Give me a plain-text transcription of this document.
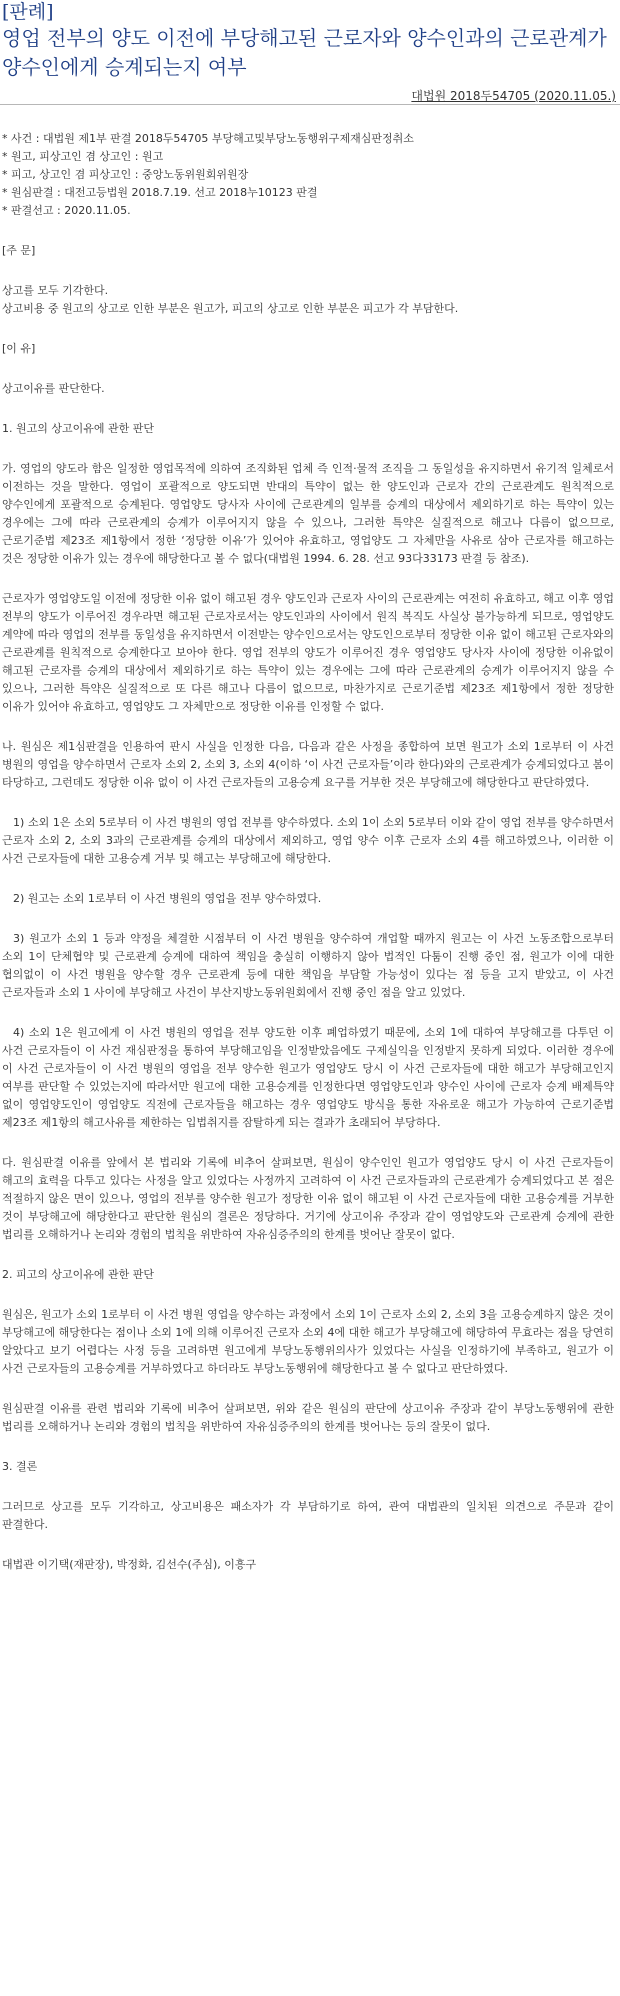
[판례]
영업 전부의 양도 이전에 부당해고된 근로자와 양수인과의 근로관계가 양수인에게 승계되는지 여부
대법원 2018두54705 (2020.11.05.)

* 사건 : 대법원 제1부 판결 2018두54705 부당해고및부당노동행위구제재심판정취소

* 원고, 피상고인 겸 상고인 : 원고

* 피고, 상고인 겸 피상고인 : 중앙노동위원회위원장

* 원심판결 : 대전고등법원 2018.7.19. 선고 2018누10123 판결

* 판결선고 : 2020.11.05.

[주 문]

상고를 모두 기각한다.

상고비용 중 원고의 상고로 인한 부분은 원고가, 피고의 상고로 인한 부분은 피고가 각 부담한다.

[이 유]

상고이유를 판단한다.

1. 원고의 상고이유에 관한 판단

가. 영업의 양도라 함은 일정한 영업목적에 의하여 조직화된 업체 즉 인적·물적 조직을 그 동일성을 유지하면서 유기적 일체로서 이전하는 것을 말한다. 영업이 포괄적으로 양도되면 반대의 특약이 없는 한 양도인과 근로자 간의 근로관계도 원칙적으로 양수인에게 포괄적으로 승계된다. 영업양도 당사자 사이에 근로관계의 일부를 승계의 대상에서 제외하기로 하는 특약이 있는 경우에는 그에 따라 근로관계의 승계가 이루어지지 않을 수 있으나, 그러한 특약은 실질적으로 해고나 다름이 없으므로, 근로기준법 제23조 제1항에서 정한 ‘정당한 이유’가 있어야 유효하고, 영업양도 그 자체만을 사유로 삼아 근로자를 해고하는 것은 정당한 이유가 있는 경우에 해당한다고 볼 수 없다(대법원 1994. 6. 28. 선고 93다33173 판결 등 참조).

근로자가 영업양도일 이전에 정당한 이유 없이 해고된 경우 양도인과 근로자 사이의 근로관계는 여전히 유효하고, 해고 이후 영업 전부의 양도가 이루어진 경우라면 해고된 근로자로서는 양도인과의 사이에서 원직 복직도 사실상 불가능하게 되므로, 영업양도 계약에 따라 영업의 전부를 동일성을 유지하면서 이전받는 양수인으로서는 양도인으로부터 정당한 이유 없이 해고된 근로자와의 근로관계를 원칙적으로 승계한다고 보아야 한다. 영업 전부의 양도가 이루어진 경우 영업양도 당사자 사이에 정당한 이유없이 해고된 근로자를 승계의 대상에서 제외하기로 하는 특약이 있는 경우에는 그에 따라 근로관계의 승계가 이루어지지 않을 수 있으나, 그러한 특약은 실질적으로 또 다른 해고나 다름이 없으므로, 마찬가지로 근로기준법 제23조 제1항에서 정한 정당한 이유가 있어야 유효하고, 영업양도 그 자체만으로 정당한 이유를 인정할 수 없다.

나. 원심은 제1심판결을 인용하여 판시 사실을 인정한 다음, 다음과 같은 사정을 종합하여 보면 원고가 소외 1로부터 이 사건 병원의 영업을 양수하면서 근로자 소외 2, 소외 3, 소외 4(이하 ‘이 사건 근로자들’이라 한다)와의 근로관계가 승계되었다고 봄이 타당하고, 그런데도 정당한 이유 없이 이 사건 근로자들의 고용승계 요구를 거부한 것은 부당해고에 해당한다고 판단하였다.

1) 소외 1은 소외 5로부터 이 사건 병원의 영업 전부를 양수하였다. 소외 1이 소외 5로부터 이와 같이 영업 전부를 양수하면서 근로자 소외 2, 소외 3과의 근로관계를 승계의 대상에서 제외하고, 영업 양수 이후 근로자 소외 4를 해고하였으나, 이러한 이 사건 근로자들에 대한 고용승계 거부 및 해고는 부당해고에 해당한다.

2) 원고는 소외 1로부터 이 사건 병원의 영업을 전부 양수하였다.

3) 원고가 소외 1 등과 약정을 체결한 시점부터 이 사건 병원을 양수하여 개업할 때까지 원고는 이 사건 노동조합으로부터 소외 1이 단체협약 및 근로관계 승계에 대하여 책임을 충실히 이행하지 않아 법적인 다툼이 진행 중인 점, 원고가 이에 대한 협의없이 이 사건 병원을 양수할 경우 근로관계 등에 대한 책임을 부담할 가능성이 있다는 점 등을 고지 받았고, 이 사건 근로자들과 소외 1 사이에 부당해고 사건이 부산지방노동위원회에서 진행 중인 점을 알고 있었다.

4) 소외 1은 원고에게 이 사건 병원의 영업을 전부 양도한 이후 폐업하였기 때문에, 소외 1에 대하여 부당해고를 다투던 이 사건 근로자들이 이 사건 재심판정을 통하여 부당해고임을 인정받았음에도 구제실익을 인정받지 못하게 되었다. 이러한 경우에 이 사건 근로자들이 이 사건 병원의 영업을 전부 양수한 원고가 영업양도 당시 이 사건 근로자들에 대한 해고가 부당해고인지 여부를 판단할 수 있었는지에 따라서만 원고에 대한 고용승계를 인정한다면 영업양도인과 양수인 사이에 근로자 승계 배제특약 없이 영업양도인이 영업양도 직전에 근로자들을 해고하는 경우 영업양도 방식을 통한 자유로운 해고가 가능하여 근로기준법 제23조 제1항의 해고사유를 제한하는 입법취지를 잠탈하게 되는 결과가 초래되어 부당하다.

다. 원심판결 이유를 앞에서 본 법리와 기록에 비추어 살펴보면, 원심이 양수인인 원고가 영업양도 당시 이 사건 근로자들이 해고의 효력을 다투고 있다는 사정을 알고 있었다는 사정까지 고려하여 이 사건 근로자들과의 근로관계가 승계되었다고 본 점은 적절하지 않은 면이 있으나, 영업의 전부를 양수한 원고가 정당한 이유 없이 해고된 이 사건 근로자들에 대한 고용승계를 거부한 것이 부당해고에 해당한다고 판단한 원심의 결론은 정당하다. 거기에 상고이유 주장과 같이 영업양도와 근로관계 승계에 관한 법리를 오해하거나 논리와 경험의 법칙을 위반하여 자유심증주의의 한계를 벗어난 잘못이 없다.

2. 피고의 상고이유에 관한 판단

원심은, 원고가 소외 1로부터 이 사건 병원 영업을 양수하는 과정에서 소외 1이 근로자 소외 2, 소외 3을 고용승계하지 않은 것이 부당해고에 해당한다는 점이나 소외 1에 의해 이루어진 근로자 소외 4에 대한 해고가 부당해고에 해당하여 무효라는 점을 당연히 알았다고 보기 어렵다는 사정 등을 고려하면 원고에게 부당노동행위의사가 있었다는 사실을 인정하기에 부족하고, 원고가 이 사건 근로자들의 고용승계를 거부하였다고 하더라도 부당노동행위에 해당한다고 볼 수 없다고 판단하였다.

원심판결 이유를 관련 법리와 기록에 비추어 살펴보면, 위와 같은 원심의 판단에 상고이유 주장과 같이 부당노동행위에 관한 법리를 오해하거나 논리와 경험의 법칙을 위반하여 자유심증주의의 한계를 벗어나는 등의 잘못이 없다.

3. 결론

그러므로 상고를 모두 기각하고, 상고비용은 패소자가 각 부담하기로 하여, 관여 대법관의 일치된 의견으로 주문과 같이 판결한다.

대법관 이기택(재판장), 박정화, 김선수(주심), 이흥구
